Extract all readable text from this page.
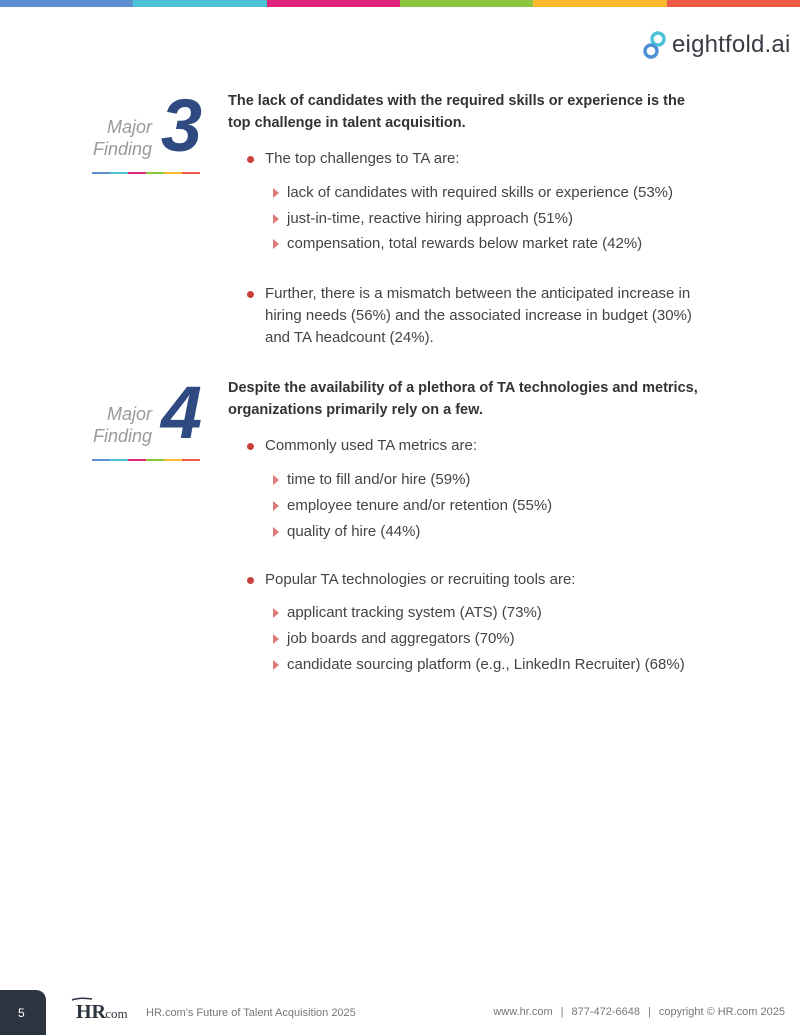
eightfold.ai
Major
Finding 3 The lack of candidates with the required skills or experience is the top challenge in talent acquisition.
The top challenges to TA are:
lack of candidates with required skills or experience (53%)
just-in-time, reactive hiring approach (51%)
compensation, total rewards below market rate (42%)
Further, there is a mismatch between the anticipated increase in hiring needs (56%) and the associated increase in budget (30%) and TA headcount (24%).
Major
Finding 4 Despite the availability of a plethora of TA technologies and metrics, organizations primarily rely on a few.
Commonly used TA metrics are:
time to fill and/or hire (59%)
employee tenure and/or retention (55%)
quality of hire (44%)
Popular TA technologies or recruiting tools are:
applicant tracking system (ATS) (73%)
job boards and aggregators (70%)
candidate sourcing platform (e.g., LinkedIn Recruiter) (68%)
5	HR
.com HR.com's Future of Talent Acquisition 2025	www.hr.com | 877-472-6648 | copyright © HR.com 2025
